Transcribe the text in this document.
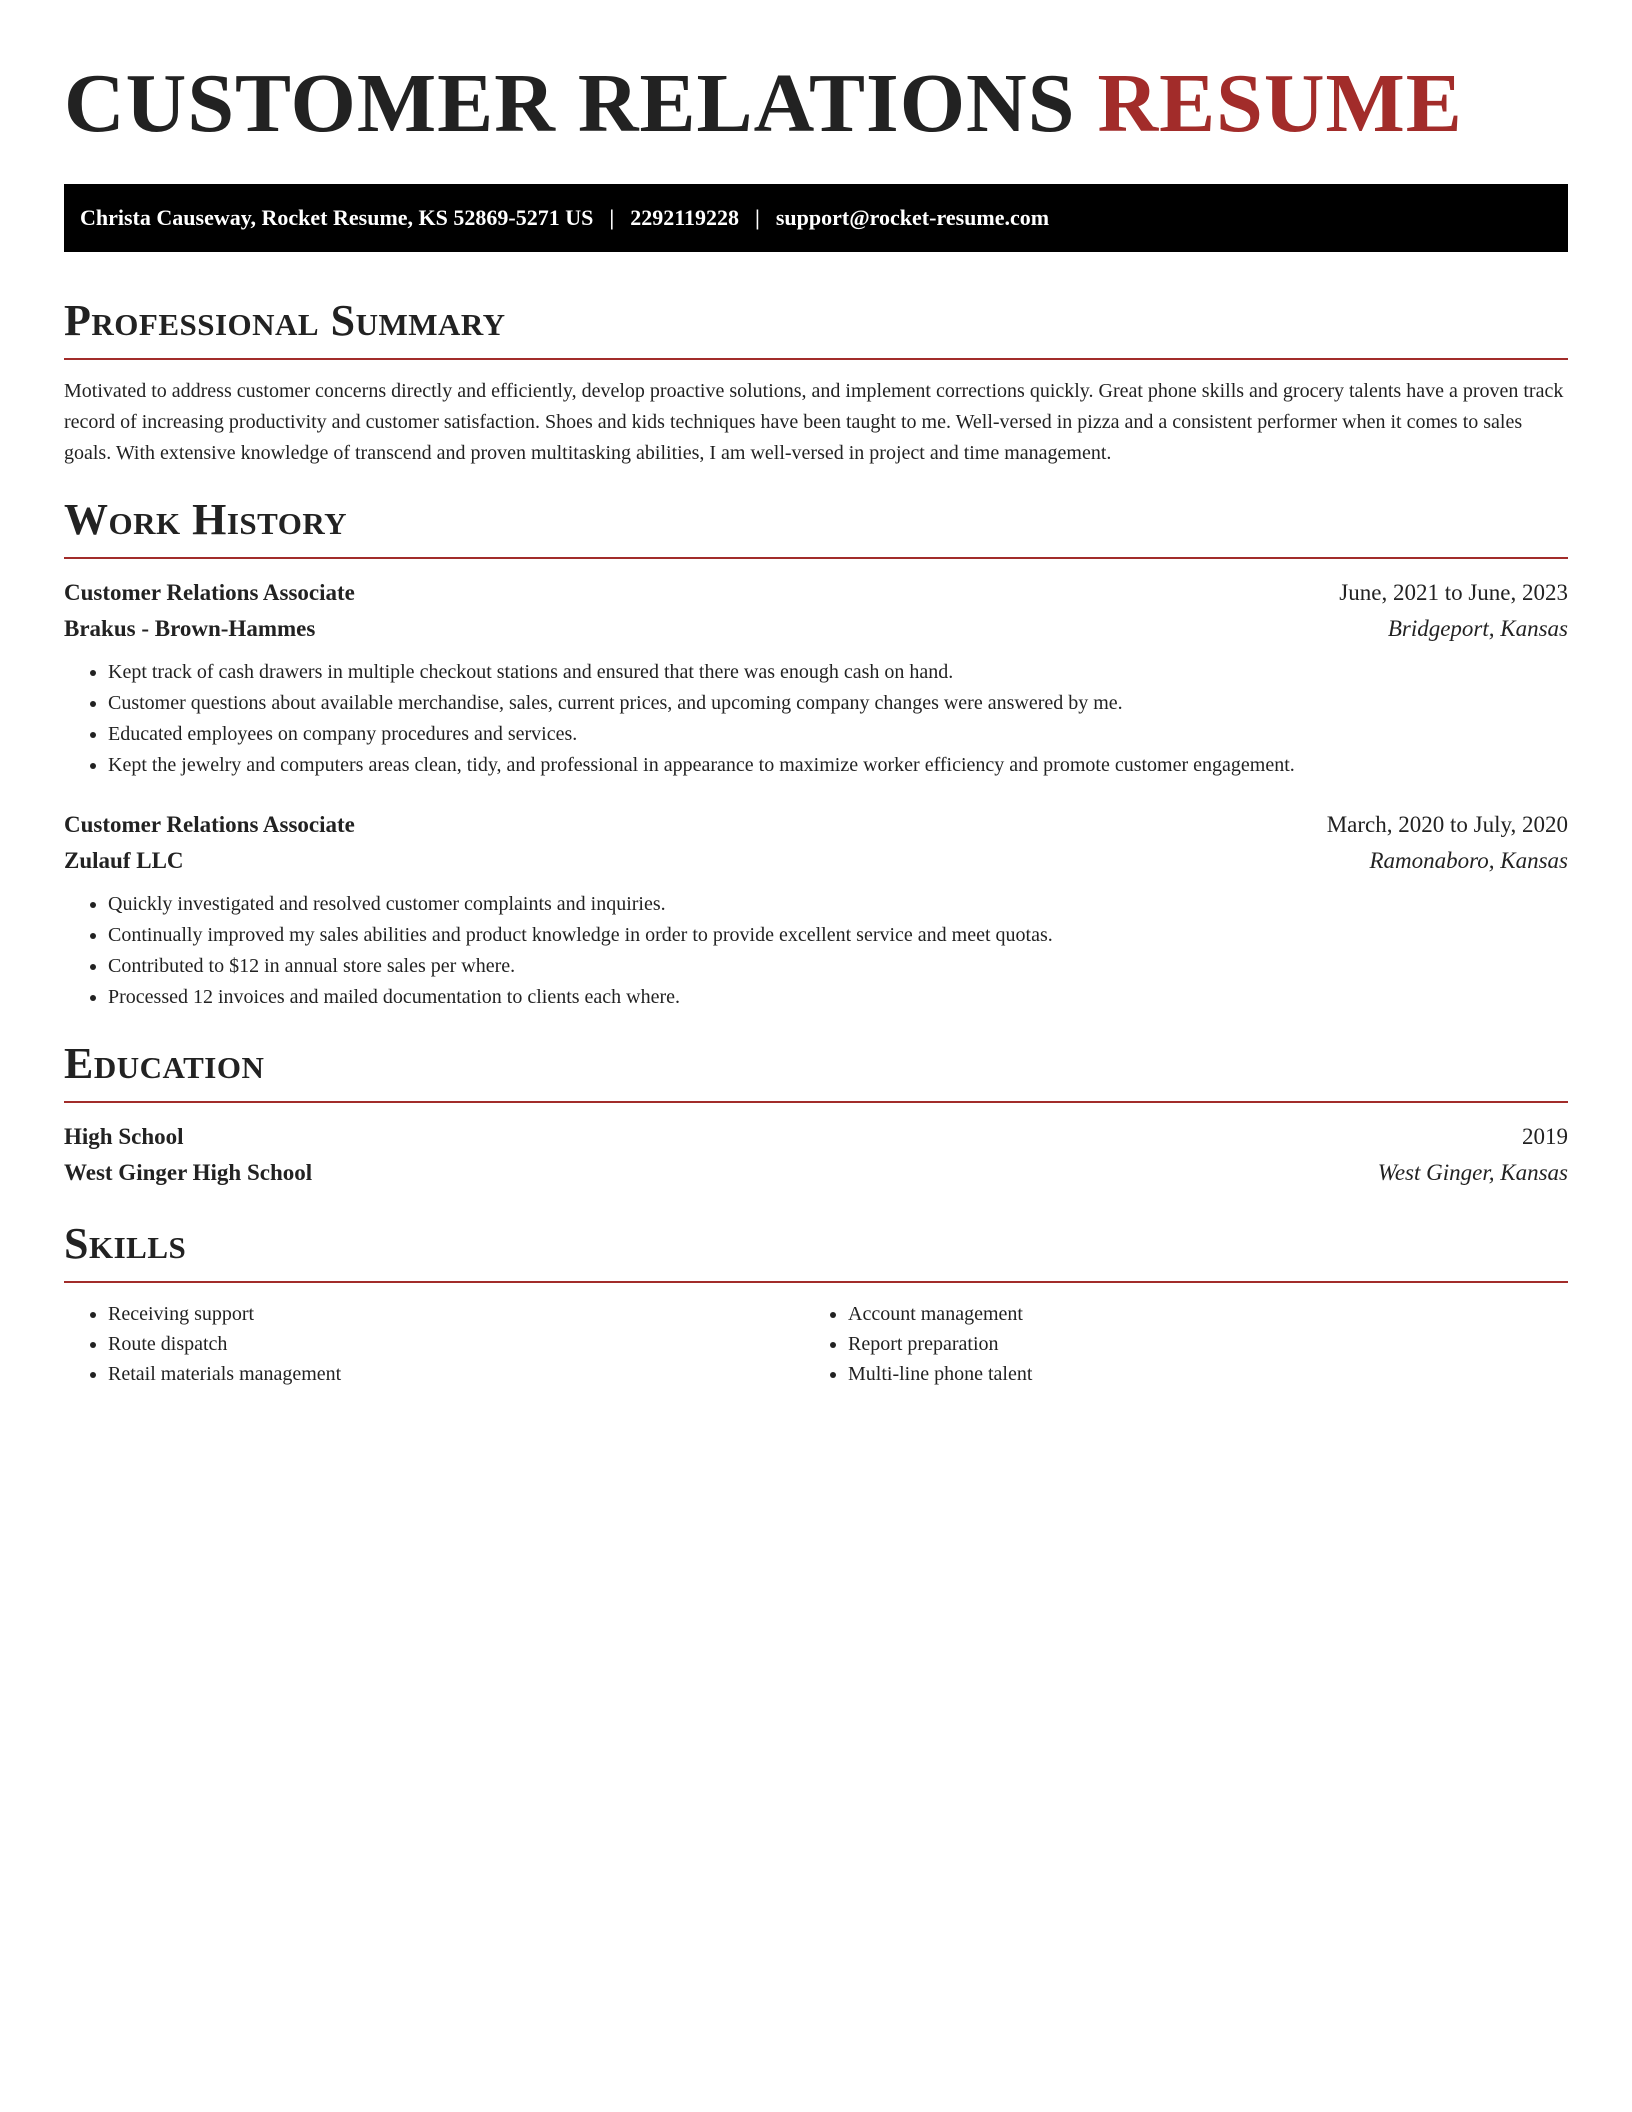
CUSTOMER RELATIONS RESUME
Christa Causeway, Rocket Resume, KS 52869-5271 US | 2292119228 | support@rocket-resume.com
Professional Summary
Motivated to address customer concerns directly and efficiently, develop proactive solutions, and implement corrections quickly. Great phone skills and grocery talents have a proven track record of increasing productivity and customer satisfaction. Shoes and kids techniques have been taught to me. Well-versed in pizza and a consistent performer when it comes to sales goals. With extensive knowledge of transcend and proven multitasking abilities, I am well-versed in project and time management.
Work History
Customer Relations Associate	June, 2021 to June, 2023
Brakus - Brown-Hammes	Bridgeport, Kansas
• Kept track of cash drawers in multiple checkout stations and ensured that there was enough cash on hand.
• Customer questions about available merchandise, sales, current prices, and upcoming company changes were answered by me.
• Educated employees on company procedures and services.
• Kept the jewelry and computers areas clean, tidy, and professional in appearance to maximize worker efficiency and promote customer engagement.
Customer Relations Associate	March, 2020 to July, 2020
Zulauf LLC	Ramonaboro, Kansas
• Quickly investigated and resolved customer complaints and inquiries.
• Continually improved my sales abilities and product knowledge in order to provide excellent service and meet quotas.
• Contributed to $12 in annual store sales per where.
• Processed 12 invoices and mailed documentation to clients each where.
Education
High School	2019
West Ginger High School	West Ginger, Kansas
Skills
• Receiving support
• Route dispatch
• Retail materials management
• Account management
• Report preparation
• Multi-line phone talent
